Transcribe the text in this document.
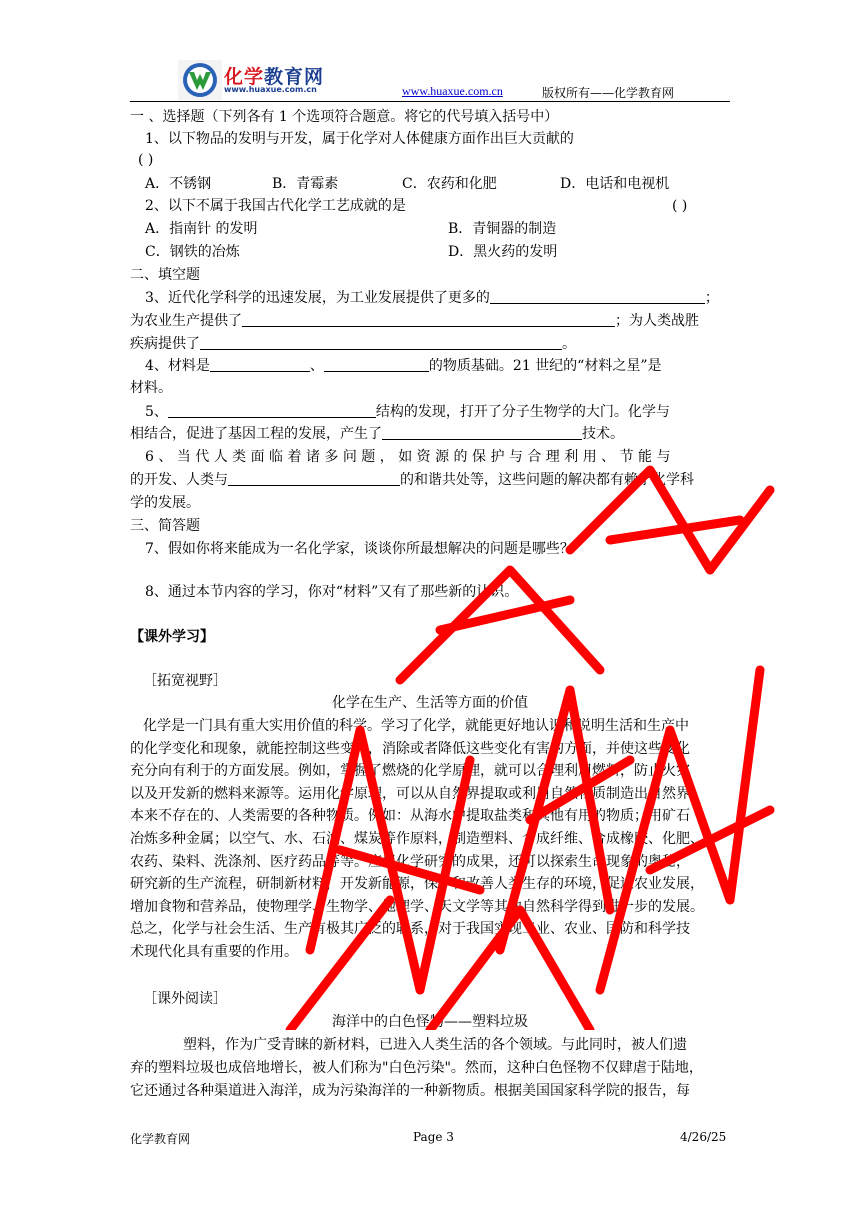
化学教育网
www.huaxue.com.cn	www.huaxue.com.cn	版权所有——化学教育网
一 、选择题（下列各有 1 个选项符合题意。将它的代号填入括号中）
1、以下物品的发明与开发，属于化学对人体健康方面作出巨大贡献的
( )
A．不锈钢	B．青霉素	C．农药和化肥	D．电话和电视机
2、以下不属于我国古代化学工艺成就的是	( )
A．指南针 的发明	B．青铜器的制造
C．钢铁的冶炼	D．黑火药的发明
二、填空题
3、近代化学科学的迅速发展，为工业发展提供了更多的	；
为农业生产提供了	；为人类战胜
疾病提供了	。
4、材料是	、	的物质基础。21 世纪的“材料之星”是
材料。
5、	结构的发现，打开了分子生物学的大门。化学与
相结合，促进了基因工程的发展，产生了	技术。
6 、 当 代 人 类 面 临 着 诸 多 问 题 ， 如 资 源 的 保 护 与 合 理 利 用 、 节 能 与
的开发、人类与	的和谐共处等，这些问题的解决都有赖于化学科
学的发展。
三、简答题
7、假如你将来能成为一名化学家，谈谈你所最想解决的问题是哪些？
8、通过本节内容的学习，你对“材料”又有了那些新的认识。
【课外学习】
［拓宽视野］
化学在生产、生活等方面的价值
化学是一门具有重大实用价值的科学。学习了化学，就能更好地认识和说明生活和生产中
的化学变化和现象，就能控制这些变化，消除或者降低这些变化有害的方面，并使这些变化
充分向有利于的方面发展。例如，掌握了燃烧的化学原理，就可以合理利用燃料，防止火灾
以及开发新的燃料来源等。运用化学原理，可以从自然界提取或利用自然物质制造出自然界
本来不存在的、人类需要的各种物质。例如：从海水中提取盐类和其他有用的物质；用矿石
冶炼多种金属；以空气、水、石油、煤炭等作原料，制造塑料、合成纤维、合成橡胶、化肥、
农药、染料、洗涤剂、医疗药品等等。应用化学研究的成果，还可以探索生命现象的奥秘，
研究新的生产流程，研制新材料，开发新能源，保护和改善人类生存的环境，促进农业发展，
增加食物和营养品，使物理学、生物学、地理学、天文学等其他自然科学得到进一步的发展。
总之，化学与社会生活、生产有极其广泛的联系，对于我国实现工业、农业、国防和科学技
术现代化具有重要的作用。
［课外阅读］
海洋中的白色怪物——塑料垃圾
塑料，作为广受青睐的新材料，已进入人类生活的各个领域。与此同时，被人们遗
弃的塑料垃圾也成倍地增长，被人们称为"白色污染"。然而，这种白色怪物不仅肆虐于陆地，
它还通过各种渠道进入海洋，成为污染海洋的一种新物质。根据美国国家科学院的报告，每
化学教育网	Page 3	4/26/25
